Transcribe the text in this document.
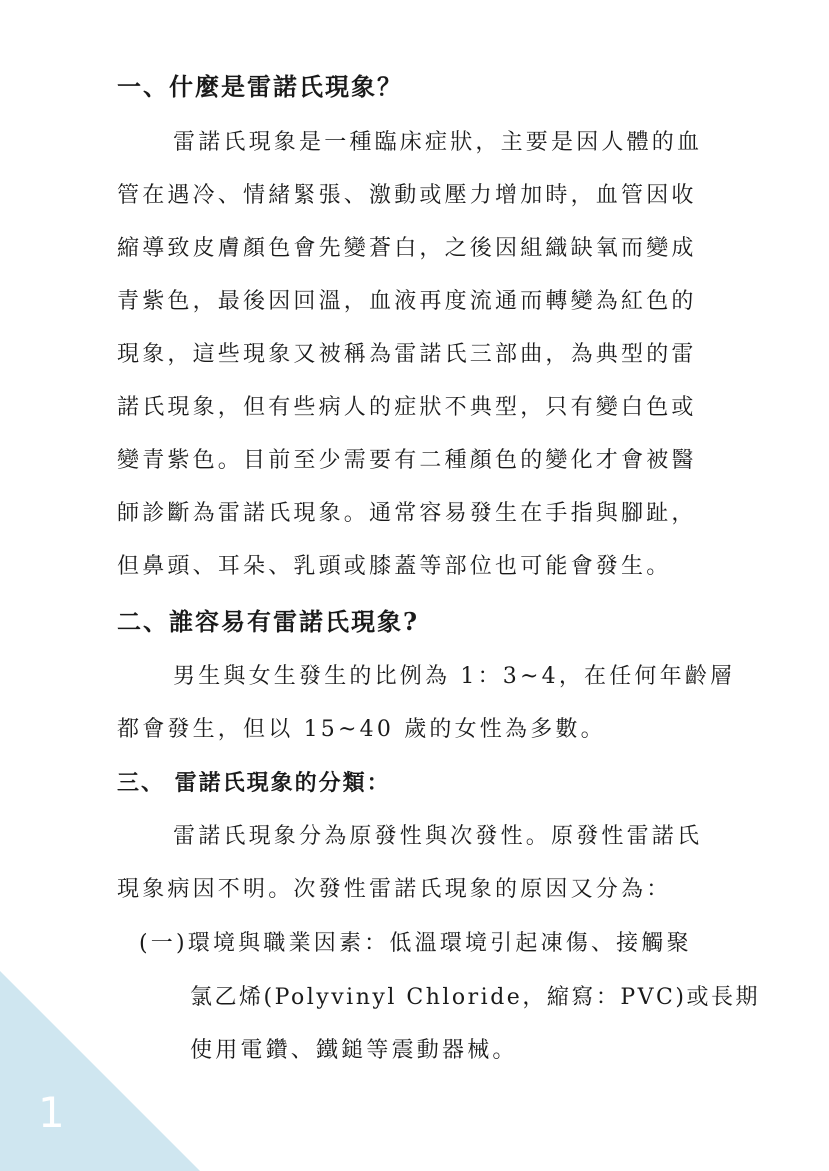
1
一、什麼是雷諾氏現象？
雷諾氏現象是一種臨床症狀，主要是因人體的血
管在遇冷、情緒緊張、激動或壓力增加時，血管因收
縮導致皮膚顏色會先變蒼白，之後因組織缺氧而變成
青紫色，最後因回溫，血液再度流通而轉變為紅色的
現象，這些現象又被稱為雷諾氏三部曲，為典型的雷
諾氏現象，但有些病人的症狀不典型，只有變白色或
變青紫色。目前至少需要有二種顏色的變化才會被醫
師診斷為雷諾氏現象。通常容易發生在手指與腳趾，
但鼻頭、耳朵、乳頭或膝蓋等部位也可能會發生。
二、誰容易有雷諾氏現象?
男生與女生發生的比例為 1：3~4，在任何年齡層
都會發生，但以 15~40 歲的女性為多數。
三、 雷諾氏現象的分類：
雷諾氏現象分為原發性與次發性。原發性雷諾氏
現象病因不明。次發性雷諾氏現象的原因又分為：
(一)環境與職業因素：低溫環境引起凍傷、接觸聚
氯乙烯(Polyvinyl Chloride，縮寫：PVC)或長期
使用電鑽、鐵鎚等震動器械。
